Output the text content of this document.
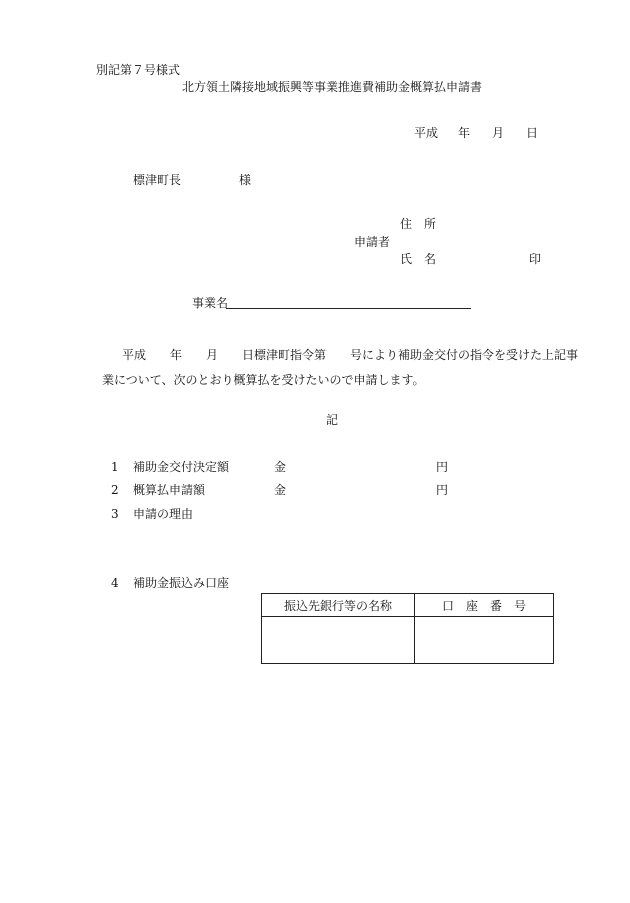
別記第７号様式
北方領土隣接地域振興等事業推進費補助金概算払申請書
平成 年 月 日
標津町長	様
住　所
申請者
氏　名	印
事業名
平成　　年　　月　　日標津町指令第　　号により補助金交付の指令を受けた上記事
業について、次のとおり概算払を受けたいので申請します。
記
1 補助金交付決定額	金	円
2 概算払申請額	金	円
3 申請の理由
4 補助金振込み口座
振込先銀行等の名称	口　座　番　号
